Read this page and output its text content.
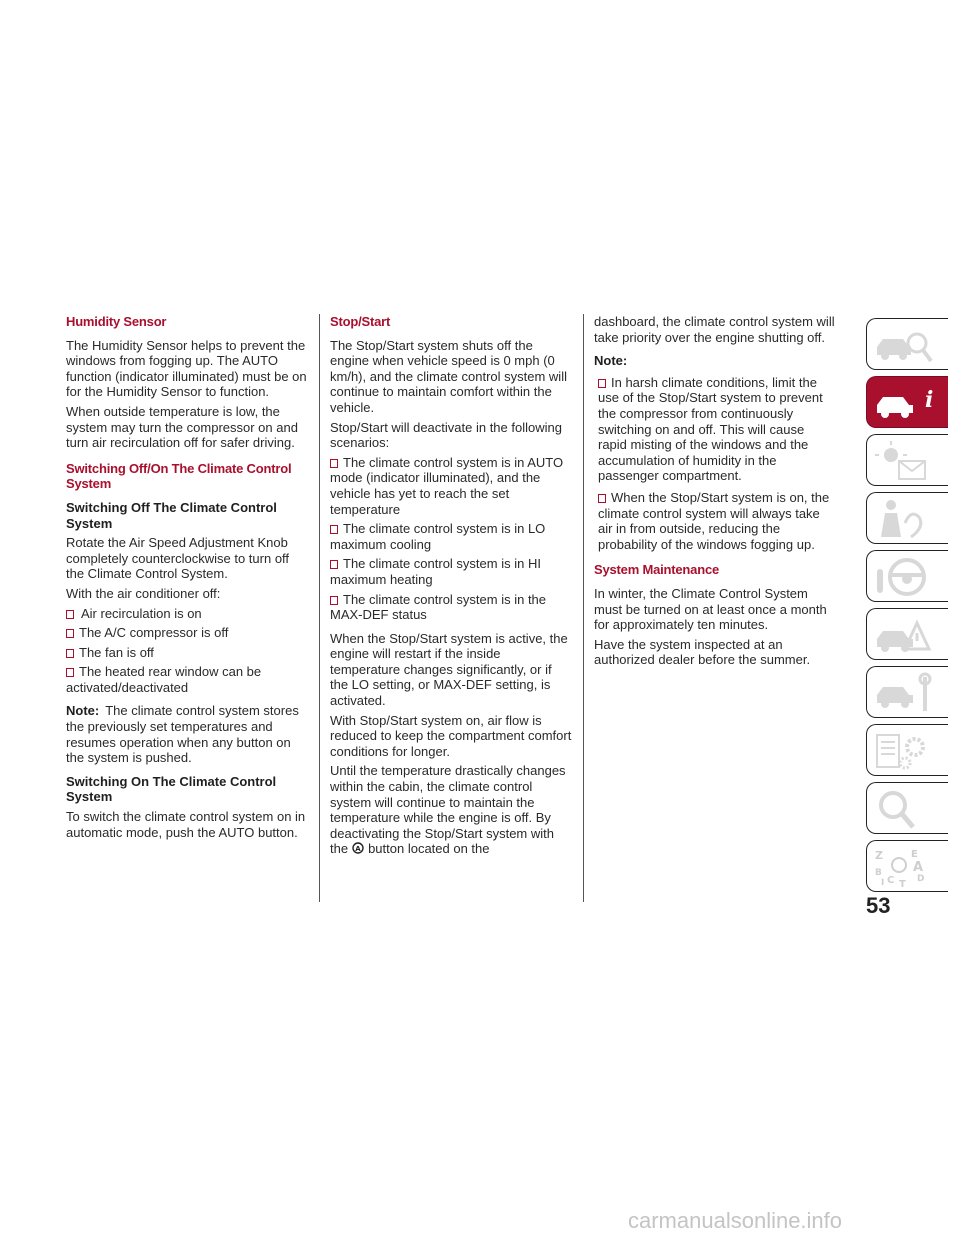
Humidity Sensor

The Humidity Sensor helps to prevent the windows from fogging up. The AUTO function (indicator illuminated) must be on for the Humidity Sensor to function.

When outside temperature is low, the system may turn the compressor on and turn air recirculation off for safer driving.

Switching Off/On The Climate Control System
Switching Off The Climate Control System

Rotate the Air Speed Adjustment Knob completely counterclockwise to turn off the Climate Control System.

With the air conditioner off:

Air recirculation is on
The A/C compressor is off
The fan is off
The heated rear window can be activated/deactivated

Note: The climate control system stores the previously set temperatures and resumes operation when any button on the system is pushed.

Switching On The Climate Control System

To switch the climate control system on in automatic mode, push the AUTO button.

Stop/Start

The Stop/Start system shuts off the engine when vehicle speed is 0 mph (0 km/h), and the climate control system will continue to maintain comfort within the vehicle.

Stop/Start will deactivate in the following scenarios:

The climate control system is in AUTO mode (indicator illuminated), and the vehicle has yet to reach the set temperature
The climate control system is in LO maximum cooling
The climate control system is in HI maximum heating
The climate control system is in the MAX-DEF status

When the Stop/Start system is active, the engine will restart if the inside temperature changes significantly, or if the LO setting, or MAX-DEF setting, is activated.

With Stop/Start system on, air flow is reduced to keep the compartment comfort conditions for longer.

Until the temperature drastically changes within the cabin, the climate control system will continue to maintain the temperature while the engine is off. By deactivating the Stop/Start system with the A button located on the

dashboard, the climate control system will take priority over the engine shutting off.

Note:
In harsh climate conditions, limit the use of the Stop/Start system to prevent the compressor from continuously switching on and off. This will cause rapid misting of the windows and the accumulation of humidity in the passenger compartment.
When the Stop/Start system is on, the climate control system will always take air in from outside, reducing the probability of the windows fogging up.
System Maintenance

In winter, the Climate Control System must be turned on at least once a month for approximately ten minutes.

Have the system inspected at an authorized dealer before the summer.

i
Z	E
A
B
C	D
T
I
53
carmanualsonline.info
